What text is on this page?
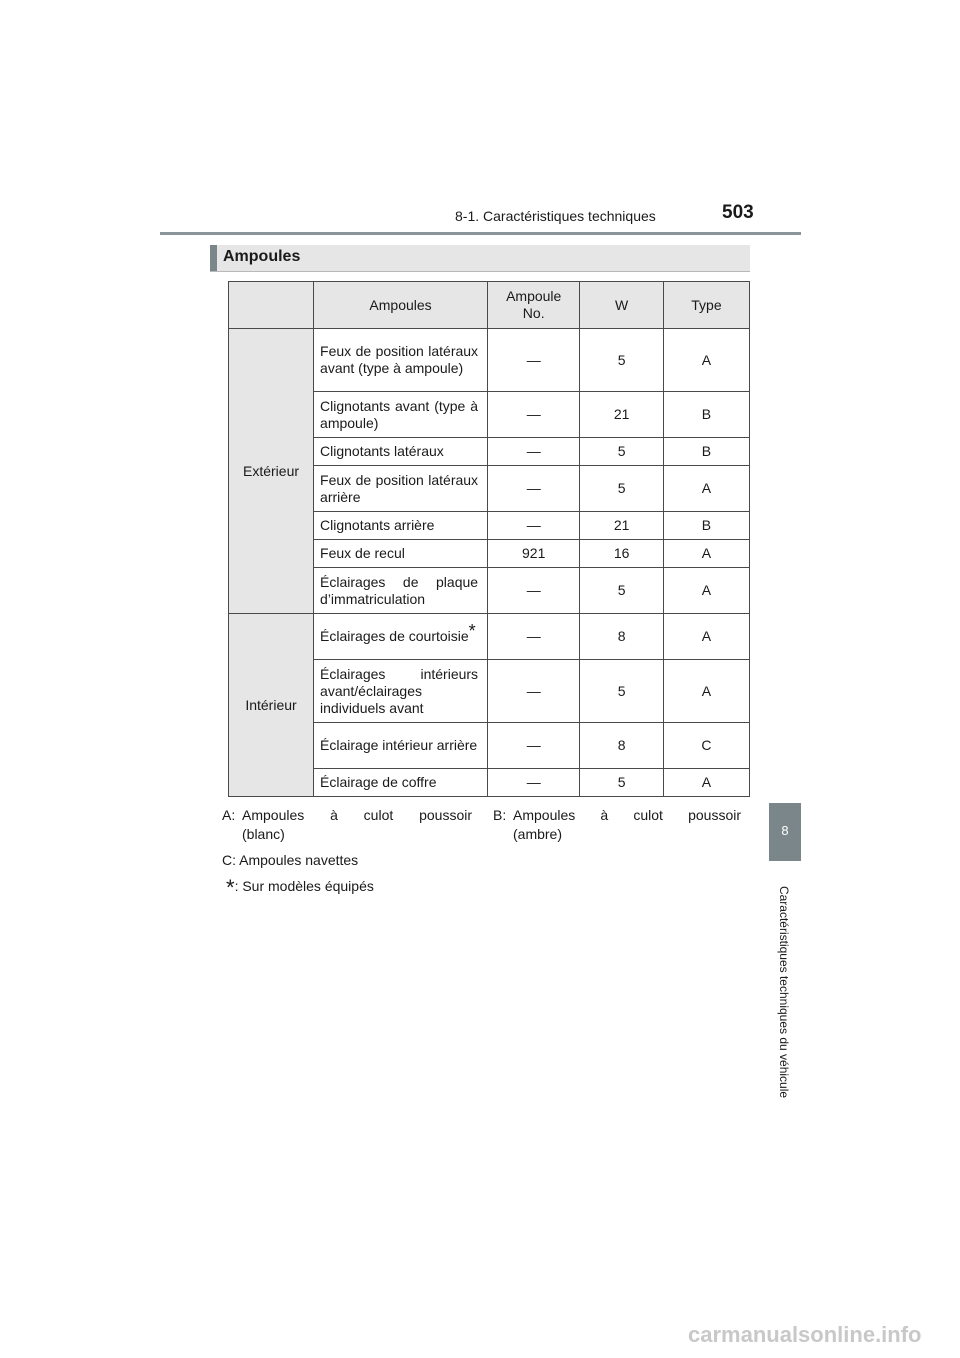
8-1. Caractéristiques techniques	503
Ampoules
	Ampoules	Ampoule No.	W	Type
Extérieur	Feux de position latéraux avant (type à ampoule)	—	5	A
	Clignotants avant (type à ampoule)	—	21	B
	Clignotants latéraux	—	5	B
	Feux de position latéraux arrière	—	5	A
	Clignotants arrière	—	21	B
	Feux de recul	921	16	A
	Éclairages de plaque d’immatriculation	—	5	A
Intérieur	Éclairages de courtoisie*	—	8	A
	Éclairages intérieurs avant/éclairages individuels avant	—	5	A
	Éclairage intérieur arrière	—	8	C
	Éclairage de coffre	—	5	A
A: Ampoules à culot poussoir
(blanc)
B: Ampoules à culot poussoir
(ambre)
C: Ampoules navettes
*: Sur modèles équipés
8
Caractéristiques techniques du véhicule
carmanualsonline.info
